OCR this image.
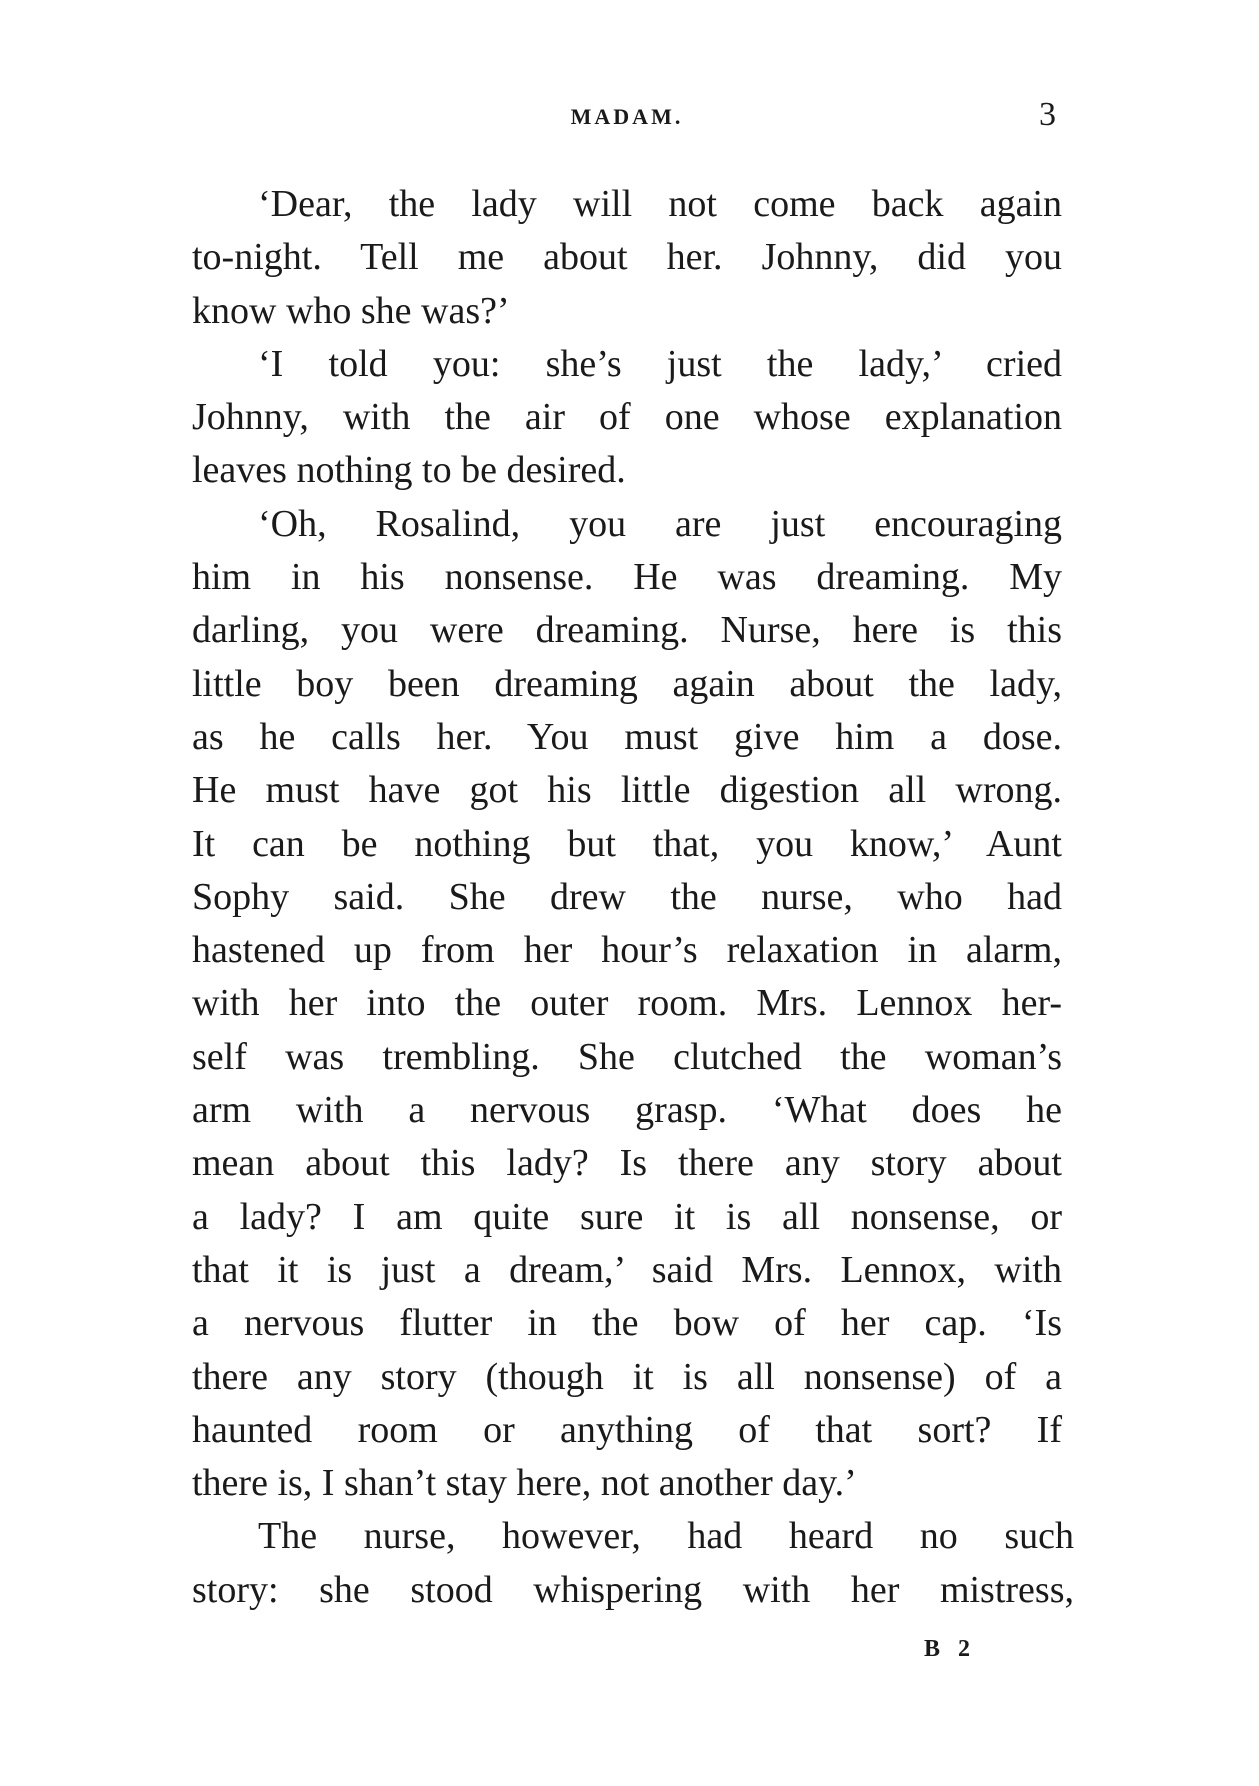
MADAM.	3
‘Dear, the lady will not come back again
to-night. Tell me about her. Johnny, did you
know who she was?’
‘I told you: she’s just the lady,’ cried
Johnny, with the air of one whose explanation
leaves nothing to be desired.
‘Oh, Rosalind, you are just encouraging
him in his nonsense. He was dreaming. My
darling, you were dreaming. Nurse, here is this
little boy been dreaming again about the lady,
as he calls her. You must give him a dose.
He must have got his little digestion all wrong.
It can be nothing but that, you know,’ Aunt
Sophy said. She drew the nurse, who had
hastened up from her hour’s relaxation in alarm,
with her into the outer room. Mrs. Lennox her-
self was trembling. She clutched the woman’s
arm with a nervous grasp. ‘What does he
mean about this lady? Is there any story about
a lady? I am quite sure it is all nonsense, or
that it is just a dream,’ said Mrs. Lennox, with
a nervous flutter in the bow of her cap. ‘Is
there any story (though it is all nonsense) of a
haunted room or anything of that sort? If
there is, I shan’t stay here, not another day.’
The nurse, however, had heard no such
story: she stood whispering with her mistress,
B 2
